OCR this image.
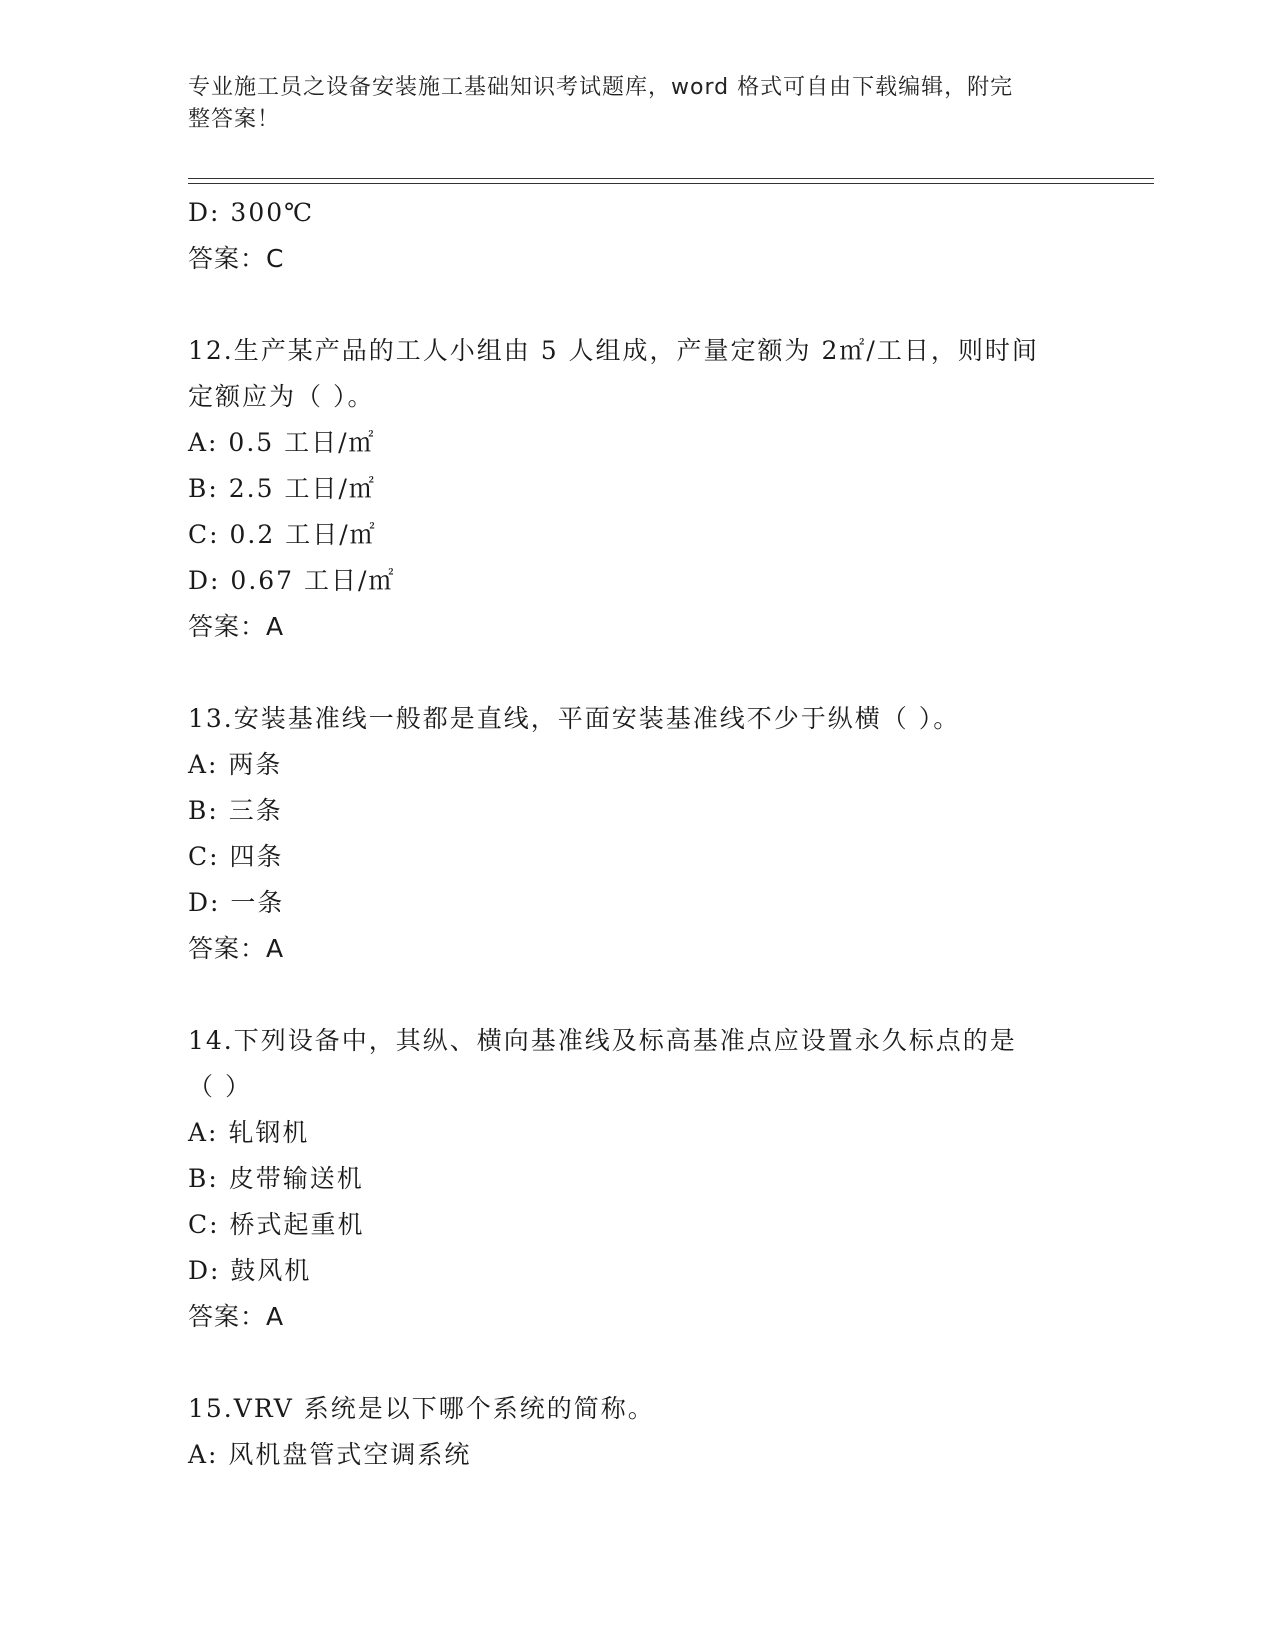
专业施工员之设备安装施工基础知识考试题库，word 格式可自由下载编辑，附完
整答案！
D: 300℃
答案：C
12.生产某产品的工人小组由 5 人组成，产量定额为 2㎡/工日，则时间
定额应为（ ）。
A: 0.5 工日/㎡
B: 2.5 工日/㎡
C: 0.2 工日/㎡
D: 0.67 工日/㎡
答案：A
13.安装基准线一般都是直线，平面安装基准线不少于纵横（ ）。
A: 两条
B: 三条
C: 四条
D: 一条
答案：A
14.下列设备中，其纵、横向基准线及标高基准点应设置永久标点的是
（ ）
A: 轧钢机
B: 皮带输送机
C: 桥式起重机
D: 鼓风机
答案：A
15.VRV 系统是以下哪个系统的简称。
A: 风机盘管式空调系统
